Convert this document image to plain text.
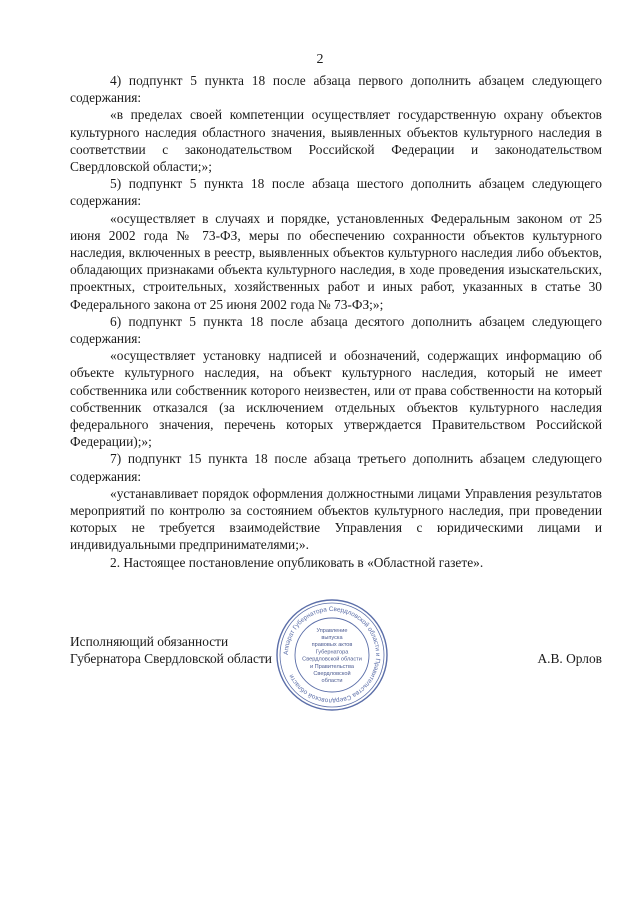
2

4) подпункт 5 пункта 18 после абзаца первого дополнить абзацем следующего содержания:

«в пределах своей компетенции осуществляет государственную охрану объектов культурного наследия областного значения, выявленных объектов культурного наследия в соответствии с законодательством Российской Федерации и законодательством Свердловской области;»;

5) подпункт 5 пункта 18 после абзаца шестого дополнить абзацем следующего содержания:

«осуществляет в случаях и порядке, установленных Федеральным законом от 25 июня 2002 года № 73-ФЗ, меры по обеспечению сохранности объектов культурного наследия, включенных в реестр, выявленных объектов культурного наследия либо объектов, обладающих признаками объекта культурного наследия, в ходе проведения изыскательских, проектных, строительных, хозяйственных работ и иных работ, указанных в статье 30 Федерального закона от 25 июня 2002 года № 73-ФЗ;»;

6) подпункт 5 пункта 18 после абзаца десятого дополнить абзацем следующего содержания:

«осуществляет установку надписей и обозначений, содержащих информацию об объекте культурного наследия, на объект культурного наследия, который не имеет собственника или собственник которого неизвестен, или от права собственности на который собственник отказался (за исключением отдельных объектов культурного наследия федерального значения, перечень которых утверждается Правительством Российской Федерации);»;

7) подпункт 15 пункта 18 после абзаца третьего дополнить абзацем следующего содержания:

«устанавливает порядок оформления должностными лицами Управления результатов мероприятий по контролю за состоянием объектов культурного наследия, при проведении которых не требуется взаимодействие Управления с юридическими лицами и индивидуальными предпринимателями;».

2. Настоящее постановление опубликовать в «Областной газете».

Исполняющий обязанности
Губернатора Свердловской области	А.В. Орлов
Аппарат Губернатора Свердловской области и Правительства Свердловской области
Управление
выпуска
правовых актов
Губернатора
Свердловской области
и Правительства
Свердловской
области
